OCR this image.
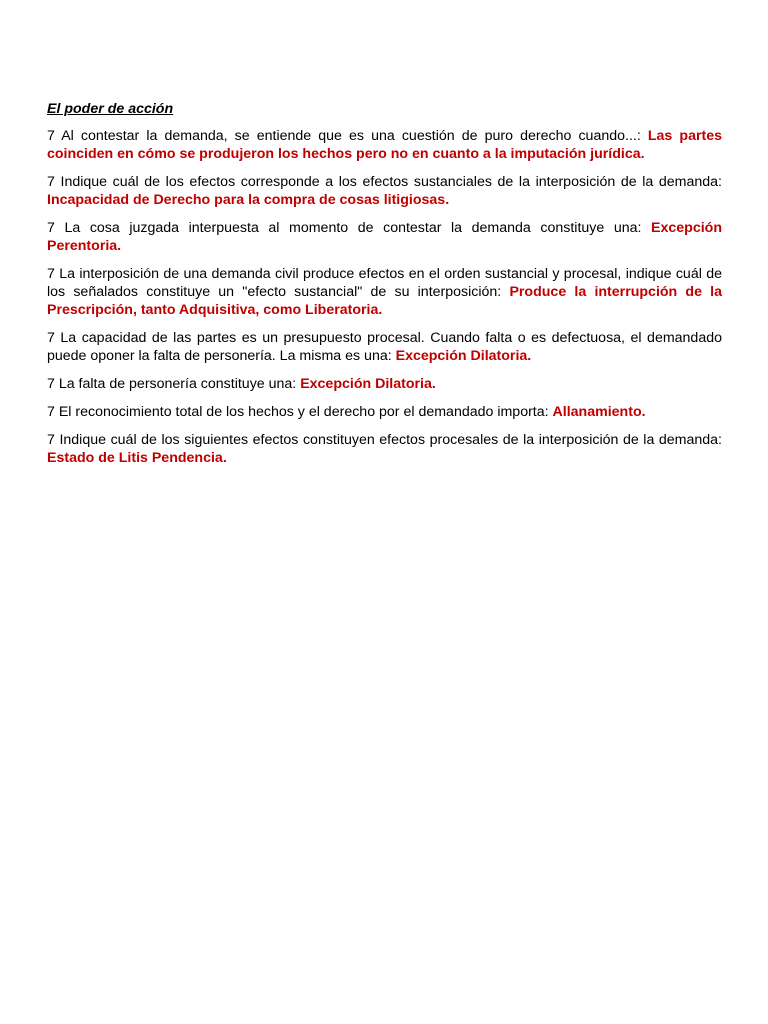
El poder de acción

7 Al contestar la demanda, se entiende que es una cuestión de puro derecho cuando...: Las partes coinciden en cómo se produjeron los hechos pero no en cuanto a la imputación jurídica.

7 Indique cuál de los efectos corresponde a los efectos sustanciales de la interposición de la demanda: Incapacidad de Derecho para la compra de cosas litigiosas.

7 La cosa juzgada interpuesta al momento de contestar la demanda constituye una: Excepción Perentoria.

7 La interposición de una demanda civil produce efectos en el orden sustancial y procesal, indique cuál de los señalados constituye un "efecto sustancial" de su interposición: Produce la interrupción de la Prescripción, tanto Adquisitiva, como Liberatoria.

7 La capacidad de las partes es un presupuesto procesal. Cuando falta o es defectuosa, el demandado puede oponer la falta de personería. La misma es una: Excepción Dilatoria.

7 La falta de personería constituye una: Excepción Dilatoria.

7 El reconocimiento total de los hechos y el derecho por el demandado importa: Allanamiento.

7 Indique cuál de los siguientes efectos constituyen efectos procesales de la interposición de la demanda: Estado de Litis Pendencia.
